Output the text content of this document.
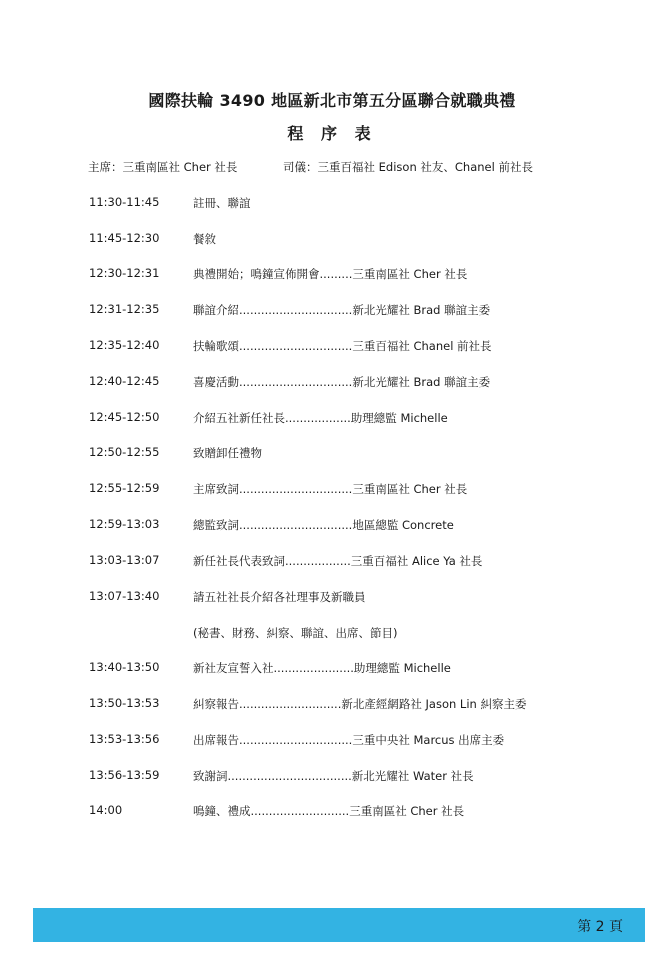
國際扶輪 3490 地區新北市第五分區聯合就職典禮
程 序 表
主席：三重南區社 Cher 社長	司儀：三重百福社 Edison 社友、Chanel 前社長
11:30-11:45	註冊、聯誼
11:45-12:30	餐敘
12:30-12:31	典禮開始；鳴鐘宣佈開會.........三重南區社 Cher 社長
12:31-12:35	聯誼介紹...............................新北光耀社 Brad 聯誼主委
12:35-12:40	扶輪歌頌...............................三重百福社 Chanel 前社長
12:40-12:45	喜慶活動...............................新北光耀社 Brad 聯誼主委
12:45-12:50	介紹五社新任社長..................助理總監 Michelle
12:50-12:55	致贈卸任禮物
12:55-12:59	主席致詞...............................三重南區社 Cher 社長
12:59-13:03	總監致詞...............................地區總監 Concrete
13:03-13:07	新任社長代表致詞..................三重百福社 Alice Ya 社長
13:07-13:40	請五社社長介紹各社理事及新職員
(秘書、財務、糾察、聯誼、出席、節目)
13:40-13:50	新社友宣誓入社......................助理總監 Michelle
13:50-13:53	糾察報告............................新北產經網路社 Jason Lin 糾察主委
13:53-13:56	出席報告...............................三重中央社 Marcus 出席主委
13:56-13:59	致謝詞..................................新北光耀社 Water 社長
14:00	鳴鐘、禮成...........................三重南區社 Cher 社長
第 2 頁
